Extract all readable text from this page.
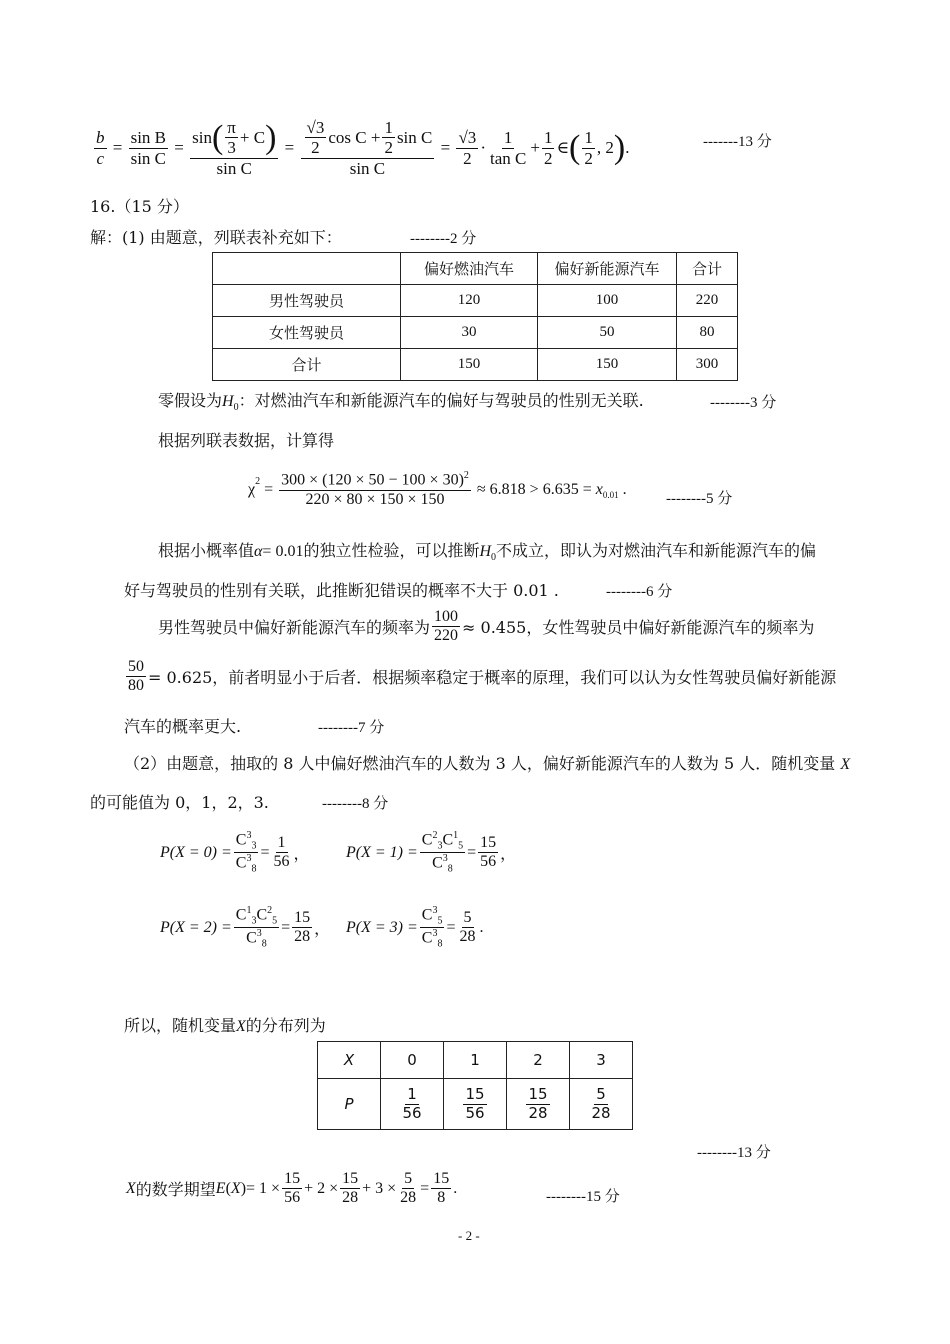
$\frac{b}{c} = \frac{\text{sin B}}{\text{sin C}} = \frac{\sin ( \frac{\pi}{3} + C )}{\text{sin C}} = \frac{\frac{√3}{2} \cos C + \frac{1}{2} \sin C}{\text{sin C}} = \frac{√3}{2} \cdot \frac{1}{\text{tan C}} + \frac{1}{2}$ ∈ ( $\frac{1}{2}$ , 2 ) .	-------13 分
16.（15 分）
解：(1) 由题意，列联表补充如下：	--------2 分
	偏好燃油汽车	偏好新能源汽车	合计
男性驾驶员	120	100	220
女性驾驶员	30	50	80
合计	150	150	300
零假设为$H_0$：对燃油汽车和新能源汽车的偏好与驾驶员的性别无关联.	--------3 分
根据列联表数据，计算得
$\chi^2 = \frac{300 \times (120 \times 50 - 100 \times 30)^2}{220 \times 80 \times 150 \times 150} \approx 6.818 > 6.635 = x_{0.01}$ .
--------5 分
根据小概率值α= 0.01的独立性检验，可以推断$H_0$不成立，即认为对燃油汽车和新能源汽车的偏
好与驾驶员的性别有关联，此推断犯错误的概率不大于 0.01 .	--------6 分
男性驾驶员中偏好新能源汽车的频率为 $\frac{100}{220} \approx 0.455$，女性驾驶员中偏好新能源汽车的频率为
$\frac{50}{80} = 0.625$，前者明显小于后者．根据频率稳定于概率的原理，我们可以认为女性驾驶员偏好新能源
汽车的概率更大.	--------7 分
（2）由题意，抽取的 8 人中偏好燃油汽车的人数为 3 人，偏好新能源汽车的人数为 5 人．随机变量 X
的可能值为 0，1，2，3.	--------8 分
$P(X = 0) = \frac{C^3_3}{C^3_8} = \frac{1}{56}$ ， $P(X = 1) = \frac{C^2_3C^1_5}{C^3_8} = \frac{15}{56}$ ，
$P(X = 2) = \frac{C^1_3C^2_5}{C^3_8} = \frac{15}{28}$ ， $P(X = 3) = \frac{C^3_5}{C^3_8} = \frac{5}{28}$ .
所以，随机变量X的分布列为
X	0	1	2	3
P	$\frac{1}{56}$	$\frac{15}{56}$	$\frac{15}{28}$	$\frac{5}{28}$
--------13 分
X 的数学期望 E ( X ) = $1 \times \frac{15}{56} + 2 \times \frac{15}{28} + 3 \times \frac{5}{28} = \frac{15}{8}$ .
--------15 分
- 2 -
